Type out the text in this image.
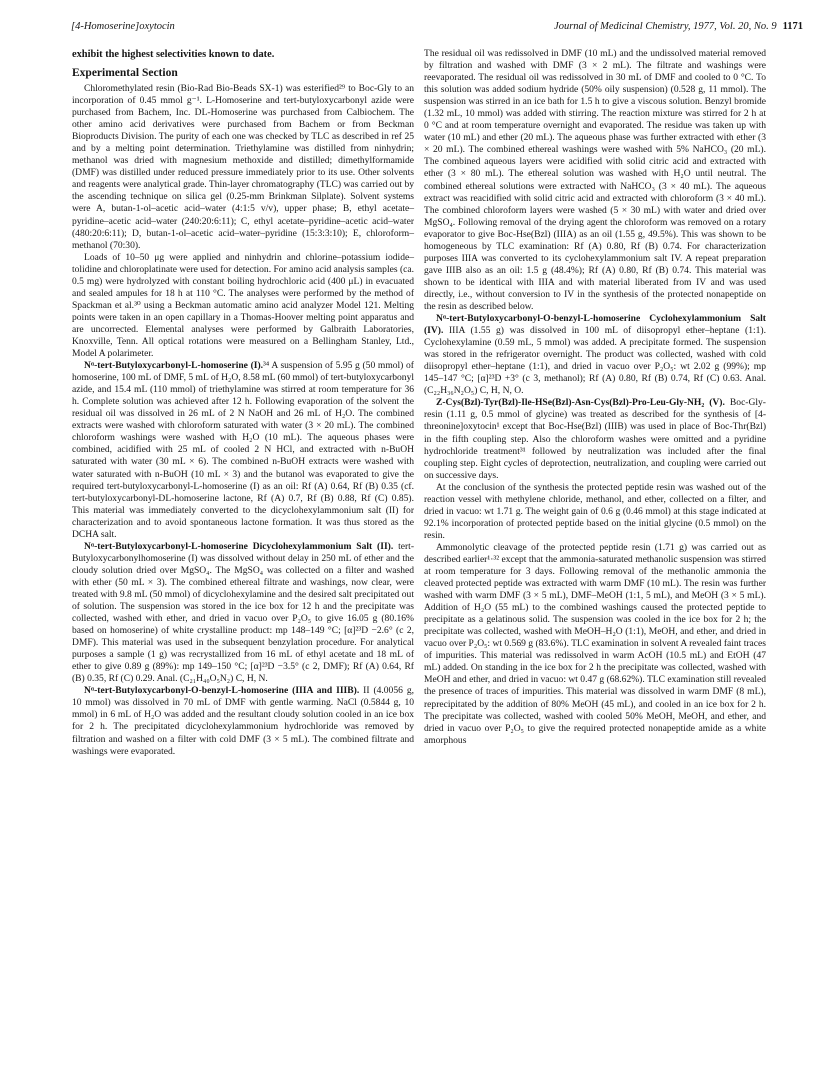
[4-Homoserine]oxytocin	Journal of Medicinal Chemistry, 1977, Vol. 20, No. 9 1171

exhibit the highest selectivities known to date.

Experimental Section

Chloromethylated resin (Bio-Rad Bio-Beads SX-1) was esterified²⁹ to Boc-Gly to an incorporation of 0.45 mmol g⁻¹. L-Homoserine and tert-butyloxycarbonyl azide were purchased from Bachem, Inc. DL-Homoserine was purchased from Calbiochem. The other amino acid derivatives were purchased from Bachem or from Beckman Bioproducts Division. The purity of each one was checked by TLC as described in ref 25 and by a melting point determination. Triethylamine was distilled from ninhydrin; methanol was dried with magnesium methoxide and distilled; dimethylformamide (DMF) was distilled under reduced pressure immediately prior to its use. Other solvents and reagents were analytical grade. Thin-layer chromatography (TLC) was carried out by the ascending technique on silica gel (0.25-mm Brinkman Silplate). Solvent systems were A, butan-1-ol–acetic acid–water (4:1:5 v/v), upper phase; B, ethyl acetate–pyridine–acetic acid–water (240:20:6:11); C, ethyl acetate–pyridine–acetic acid–water (480:20:6:11); D, butan-1-ol–acetic acid–water–pyridine (15:3:3:10); E, chloroform–methanol (70:30).

Loads of 10–50 μg were applied and ninhydrin and chlorine–potassium iodide–tolidine and chloroplatinate were used for detection. For amino acid analysis samples (ca. 0.5 mg) were hydrolyzed with constant boiling hydrochloric acid (400 μL) in evacuated and sealed ampules for 18 h at 110 °C. The analyses were performed by the method of Spackman et al.³⁰ using a Beckman automatic amino acid analyzer Model 121. Melting points were taken in an open capillary in a Thomas-Hoover melting point apparatus and are uncorrected. Elemental analyses were performed by Galbraith Laboratories, Knoxville, Tenn. All optical rotations were measured on a Bellingham Stanley, Ltd., Model A polarimeter.

Nᵅ-tert-Butyloxycarbonyl-L-homoserine (I).³⁴ A suspension of 5.95 g (50 mmol) of homoserine, 100 mL of DMF, 5 mL of H₂O, 8.58 mL (60 mmol) of tert-butyloxycarbonyl azide, and 15.4 mL (110 mmol) of triethylamine was stirred at room temperature for 36 h. Complete solution was achieved after 12 h. Following evaporation of the solvent the residual oil was dissolved in 26 mL of 2 N NaOH and 26 mL of H₂O. The combined extracts were washed with chloroform saturated with water (3 × 20 mL). The combined chloroform washings were washed with H₂O (10 mL). The aqueous phases were combined, acidified with 25 mL of cooled 2 N HCl, and extracted with n-BuOH saturated with water (30 mL × 6). The combined n-BuOH extracts were washed with water saturated with n-BuOH (10 mL × 3) and the butanol was evaporated to give the required tert-butyloxycarbonyl-L-homoserine (I) as an oil: Rf (A) 0.64, Rf (B) 0.35 (cf. tert-butyloxycarbonyl-DL-homoserine lactone, Rf (A) 0.7, Rf (B) 0.88, Rf (C) 0.85). This material was immediately converted to the dicyclohexylammonium salt (II) for characterization and to avoid spontaneous lactone formation. It was thus stored as the DCHA salt.

Nᵅ-tert-Butyloxycarbonyl-L-homoserine Dicyclohexylammonium Salt (II). tert-Butyloxycarbonylhomoserine (I) was dissolved without delay in 250 mL of ether and the cloudy solution dried over MgSO₄. The MgSO₄ was collected on a filter and washed with ether (50 mL × 3). The combined ethereal filtrate and washings, now clear, were treated with 9.8 mL (50 mmol) of dicyclohexylamine and the desired salt precipitated out of solution. The suspension was stored in the ice box for 12 h and the precipitate was collected, washed with ether, and dried in vacuo over P₂O₅ to give 16.05 g (80.16% based on homoserine) of white crystalline product: mp 148–149 °C; [α]²³D −2.6° (c 2, DMF). This material was used in the subsequent benzylation procedure. For analytical purposes a sample (1 g) was recrystallized from 16 mL of ethyl acetate and 18 mL of ether to give 0.89 g (89%): mp 149–150 °C; [α]²³D −3.5° (c 2, DMF); Rf (A) 0.64, Rf (B) 0.35, Rf (C) 0.29. Anal. (C₂₁H₄₀O₅N₂) C, H, N.

Nᵅ-tert-Butyloxycarbonyl-O-benzyl-L-homoserine (IIIA and IIIB). II (4.0056 g, 10 mmol) was dissolved in 70 mL of DMF with gentle warming. NaCl (0.5844 g, 10 mmol) in 6 mL of H₂O was added and the resultant cloudy solution cooled in an ice box for 2 h. The precipitated dicyclohexylammonium hydrochloride was removed by filtration and washed on a filter with cold DMF (3 × 5 mL). The combined filtrate and washings were evaporated.

The residual oil was redissolved in DMF (10 mL) and the undissolved material removed by filtration and washed with DMF (3 × 2 mL). The filtrate and washings were reevaporated. The residual oil was redissolved in 30 mL of DMF and cooled to 0 °C. To this solution was added sodium hydride (50% oily suspension) (0.528 g, 11 mmol). The suspension was stirred in an ice bath for 1.5 h to give a viscous solution. Benzyl bromide (1.32 mL, 10 mmol) was added with stirring. The reaction mixture was stirred for 2 h at 0 °C and at room temperature overnight and evaporated. The residue was taken up with water (10 mL) and ether (20 mL). The aqueous phase was further extracted with ether (3 × 20 mL). The combined ethereal washings were washed with 5% NaHCO₃ (20 mL). The combined aqueous layers were acidified with solid citric acid and extracted with ether (3 × 80 mL). The ethereal solution was washed with H₂O until neutral. The combined ethereal solutions were extracted with NaHCO₃ (3 × 40 mL). The aqueous extract was reacidified with solid citric acid and extracted with chloroform (3 × 40 mL). The combined chloroform layers were washed (5 × 30 mL) with water and dried over MgSO₄. Following removal of the drying agent the chloroform was removed on a rotary evaporator to give Boc-Hse(Bzl) (IIIA) as an oil (1.55 g, 49.5%). This was shown to be homogeneous by TLC examination: Rf (A) 0.80, Rf (B) 0.74. For characterization purposes IIIA was converted to its cyclohexylammonium salt IV. A repeat preparation gave IIIB also as an oil: 1.5 g (48.4%); Rf (A) 0.80, Rf (B) 0.74. This material was shown to be identical with IIIA and with material liberated from IV and was used directly, i.e., without conversion to IV in the synthesis of the protected nonapeptide on the resin as described below.

Nᵅ-tert-Butyloxycarbonyl-O-benzyl-L-homoserine Cyclohexylammonium Salt (IV). IIIA (1.55 g) was dissolved in 100 mL of diisopropyl ether–heptane (1:1). Cyclohexylamine (0.59 mL, 5 mmol) was added. A precipitate formed. The suspension was stored in the refrigerator overnight. The product was collected, washed with cold diisopropyl ether–heptane (1:1), and dried in vacuo over P₂O₅: wt 2.02 g (99%); mp 145–147 °C; [α]²³D +3° (c 3, methanol); Rf (A) 0.80, Rf (B) 0.74, Rf (C) 0.63. Anal. (C₂₂H₃₆N₂O₅) C, H, N, O.

Z-Cys(Bzl)-Tyr(Bzl)-Ile-HSe(Bzl)-Asn-Cys(Bzl)-Pro-Leu-Gly-NH₂ (V). Boc-Gly-resin (1.11 g, 0.5 mmol of glycine) was treated as described for the synthesis of [4-threonine]oxytocin¹ except that Boc-Hse(Bzl) (IIIB) was used in place of Boc-Thr(Bzl) in the fifth coupling step. Also the chloroform washes were omitted and a pyridine hydrochloride treatment³¹ followed by neutralization was included after the final coupling step. Eight cycles of deprotection, neutralization, and coupling were carried out on successive days.

At the conclusion of the synthesis the protected peptide resin was washed out of the reaction vessel with methylene chloride, methanol, and ether, collected on a filter, and dried in vacuo: wt 1.71 g. The weight gain of 0.6 g (0.46 mmol) at this stage indicated at 92.1% incorporation of protected peptide based on the initial glycine (0.5 mmol) on the resin.

Ammonolytic cleavage of the protected peptide resin (1.71 g) was carried out as described earlier¹·³² except that the ammonia-saturated methanolic suspension was stirred at room temperature for 3 days. Following removal of the methanolic ammonia the cleaved protected peptide was extracted with warm DMF (10 mL). The resin was further washed with warm DMF (3 × 5 mL), DMF–MeOH (1:1, 5 mL), and MeOH (3 × 5 mL). Addition of H₂O (55 mL) to the combined washings caused the protected peptide to precipitate as a gelatinous solid. The suspension was cooled in the ice box for 2 h; the precipitate was collected, washed with MeOH–H₂O (1:1), MeOH, and ether, and dried in vacuo over P₂O₅: wt 0.569 g (83.6%). TLC examination in solvent A revealed faint traces of impurities. This material was redissolved in warm AcOH (10.5 mL) and EtOH (47 mL) added. On standing in the ice box for 2 h the precipitate was collected, washed with MeOH and ether, and dried in vacuo: wt 0.47 g (68.62%). TLC examination still revealed the presence of traces of impurities. This material was dissolved in warm DMF (8 mL), reprecipitated by the addition of 80% MeOH (45 mL), and cooled in an ice box for 2 h. The precipitate was collected, washed with cooled 50% MeOH, MeOH, and ether, and dried in vacuo over P₂O₅ to give the required protected nonapeptide amide as a white amorphous
